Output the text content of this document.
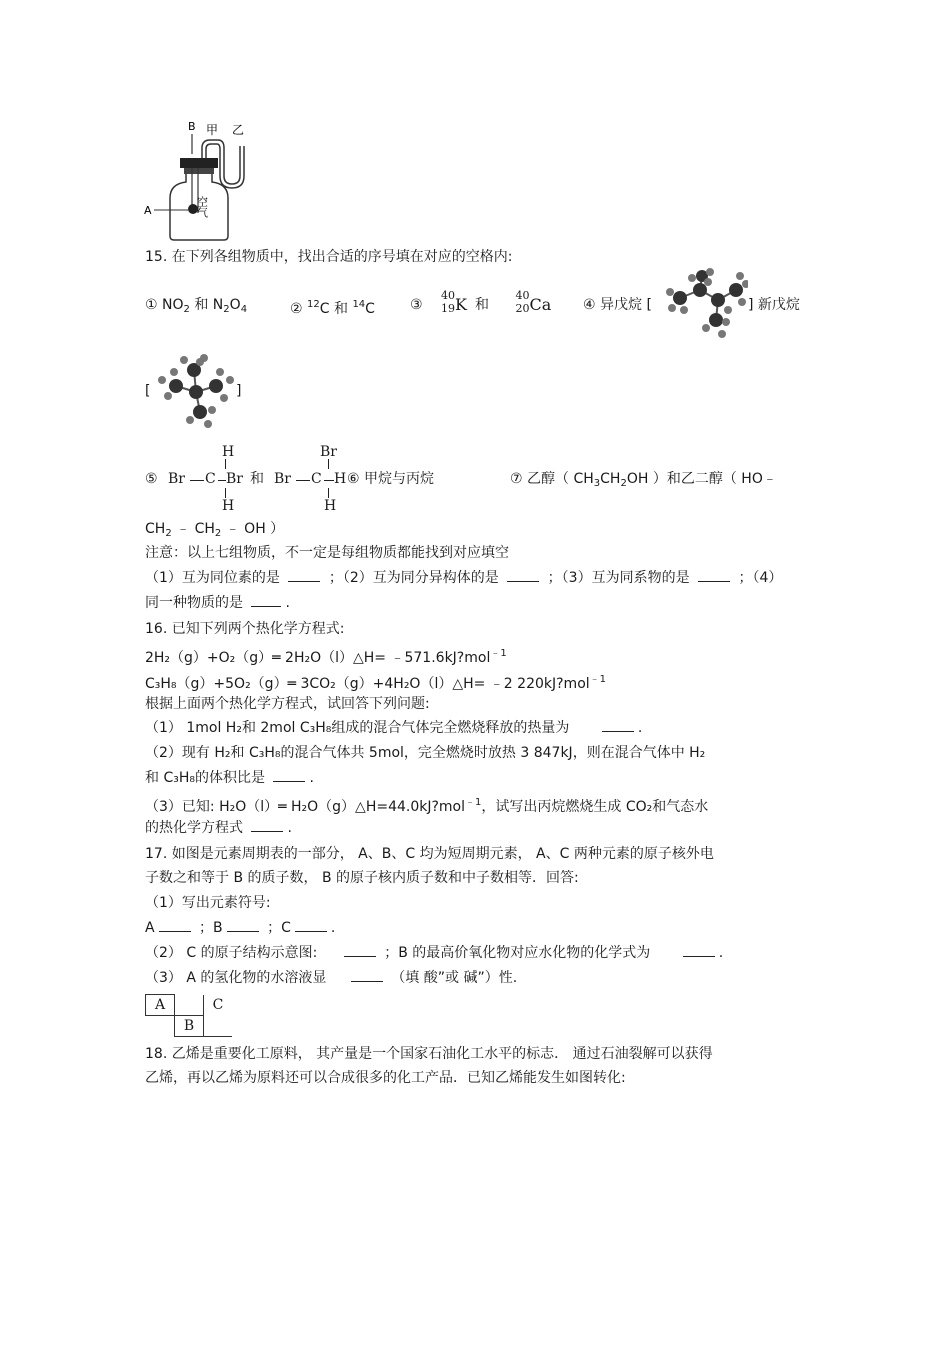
B 甲 乙
空气
A
15. 在下列各组物质中，找出合适的序号填在对应的空格内:
① $NO_2$ 和 $N_2O_4$	② $^{12}$C 和 $^{14}$C	③
40
19 K 和
40
20 Ca ④ 异戊烷 [	] 新戊烷
[	]
⑤
H
Br C Br
H
和
Br
Br C H
H
⑥ 甲烷与丙烷	⑦ 乙醇（ $CH_3CH_2OH$ ）和乙二醇（ HO﹣
$CH_2$ ﹣ $CH_2$ ﹣ OH ）
注意：以上七组物质，不一定是每组物质都能找到对应填空
（1）互为同位素的是	；（2）互为同分异构体的是	；（3）互为同系物的是	；（4）
同一种物质的是	.
16. 已知下列两个热化学方程式:
2H₂（g）+O₂（g）═ 2H₂O（l）△H= ﹣571.6kJ?mol$^{﹣1}$
C₃H₈（g）+5O₂（g）═ 3CO₂（g）+4H₂O（l）△H= ﹣2 220kJ?mol$^{﹣1}$
根据上面两个热化学方程式，试回答下列问题:
（1） 1mol H₂和 2mol C₃H₈组成的混合气体完全燃烧释放的热量为	.
（2）现有 H₂和 C₃H₈的混合气体共 5mol，完全燃烧时放热 3 847kJ，则在混合气体中 H₂
和 C₃H₈的体积比是	.
（3）已知: H₂O（l）═ H₂O（g）△H=44.0kJ?mol$^{﹣1}$，试写出丙烷燃烧生成 CO₂和气态水
的热化学方程式	.
17. 如图是元素周期表的一部分， A、B、C 均为短周期元素， A、C 两种元素的原子核外电
子数之和等于 B 的质子数， B 的原子核内质子数和中子数相等．回答:
（1）写出元素符号:
A	；B	；C	.
（2） C 的原子结构示意图:	；B 的最高价氧化物对应水化物的化学式为	.
（3） A 的氢化物的水溶液显	（填 酸”或 碱”）性.
A		C
	B	
18. 乙烯是重要化工原料， 其产量是一个国家石油化工水平的标志． 通过石油裂解可以获得
乙烯，再以乙烯为原料还可以合成很多的化工产品．已知乙烯能发生如图转化:
